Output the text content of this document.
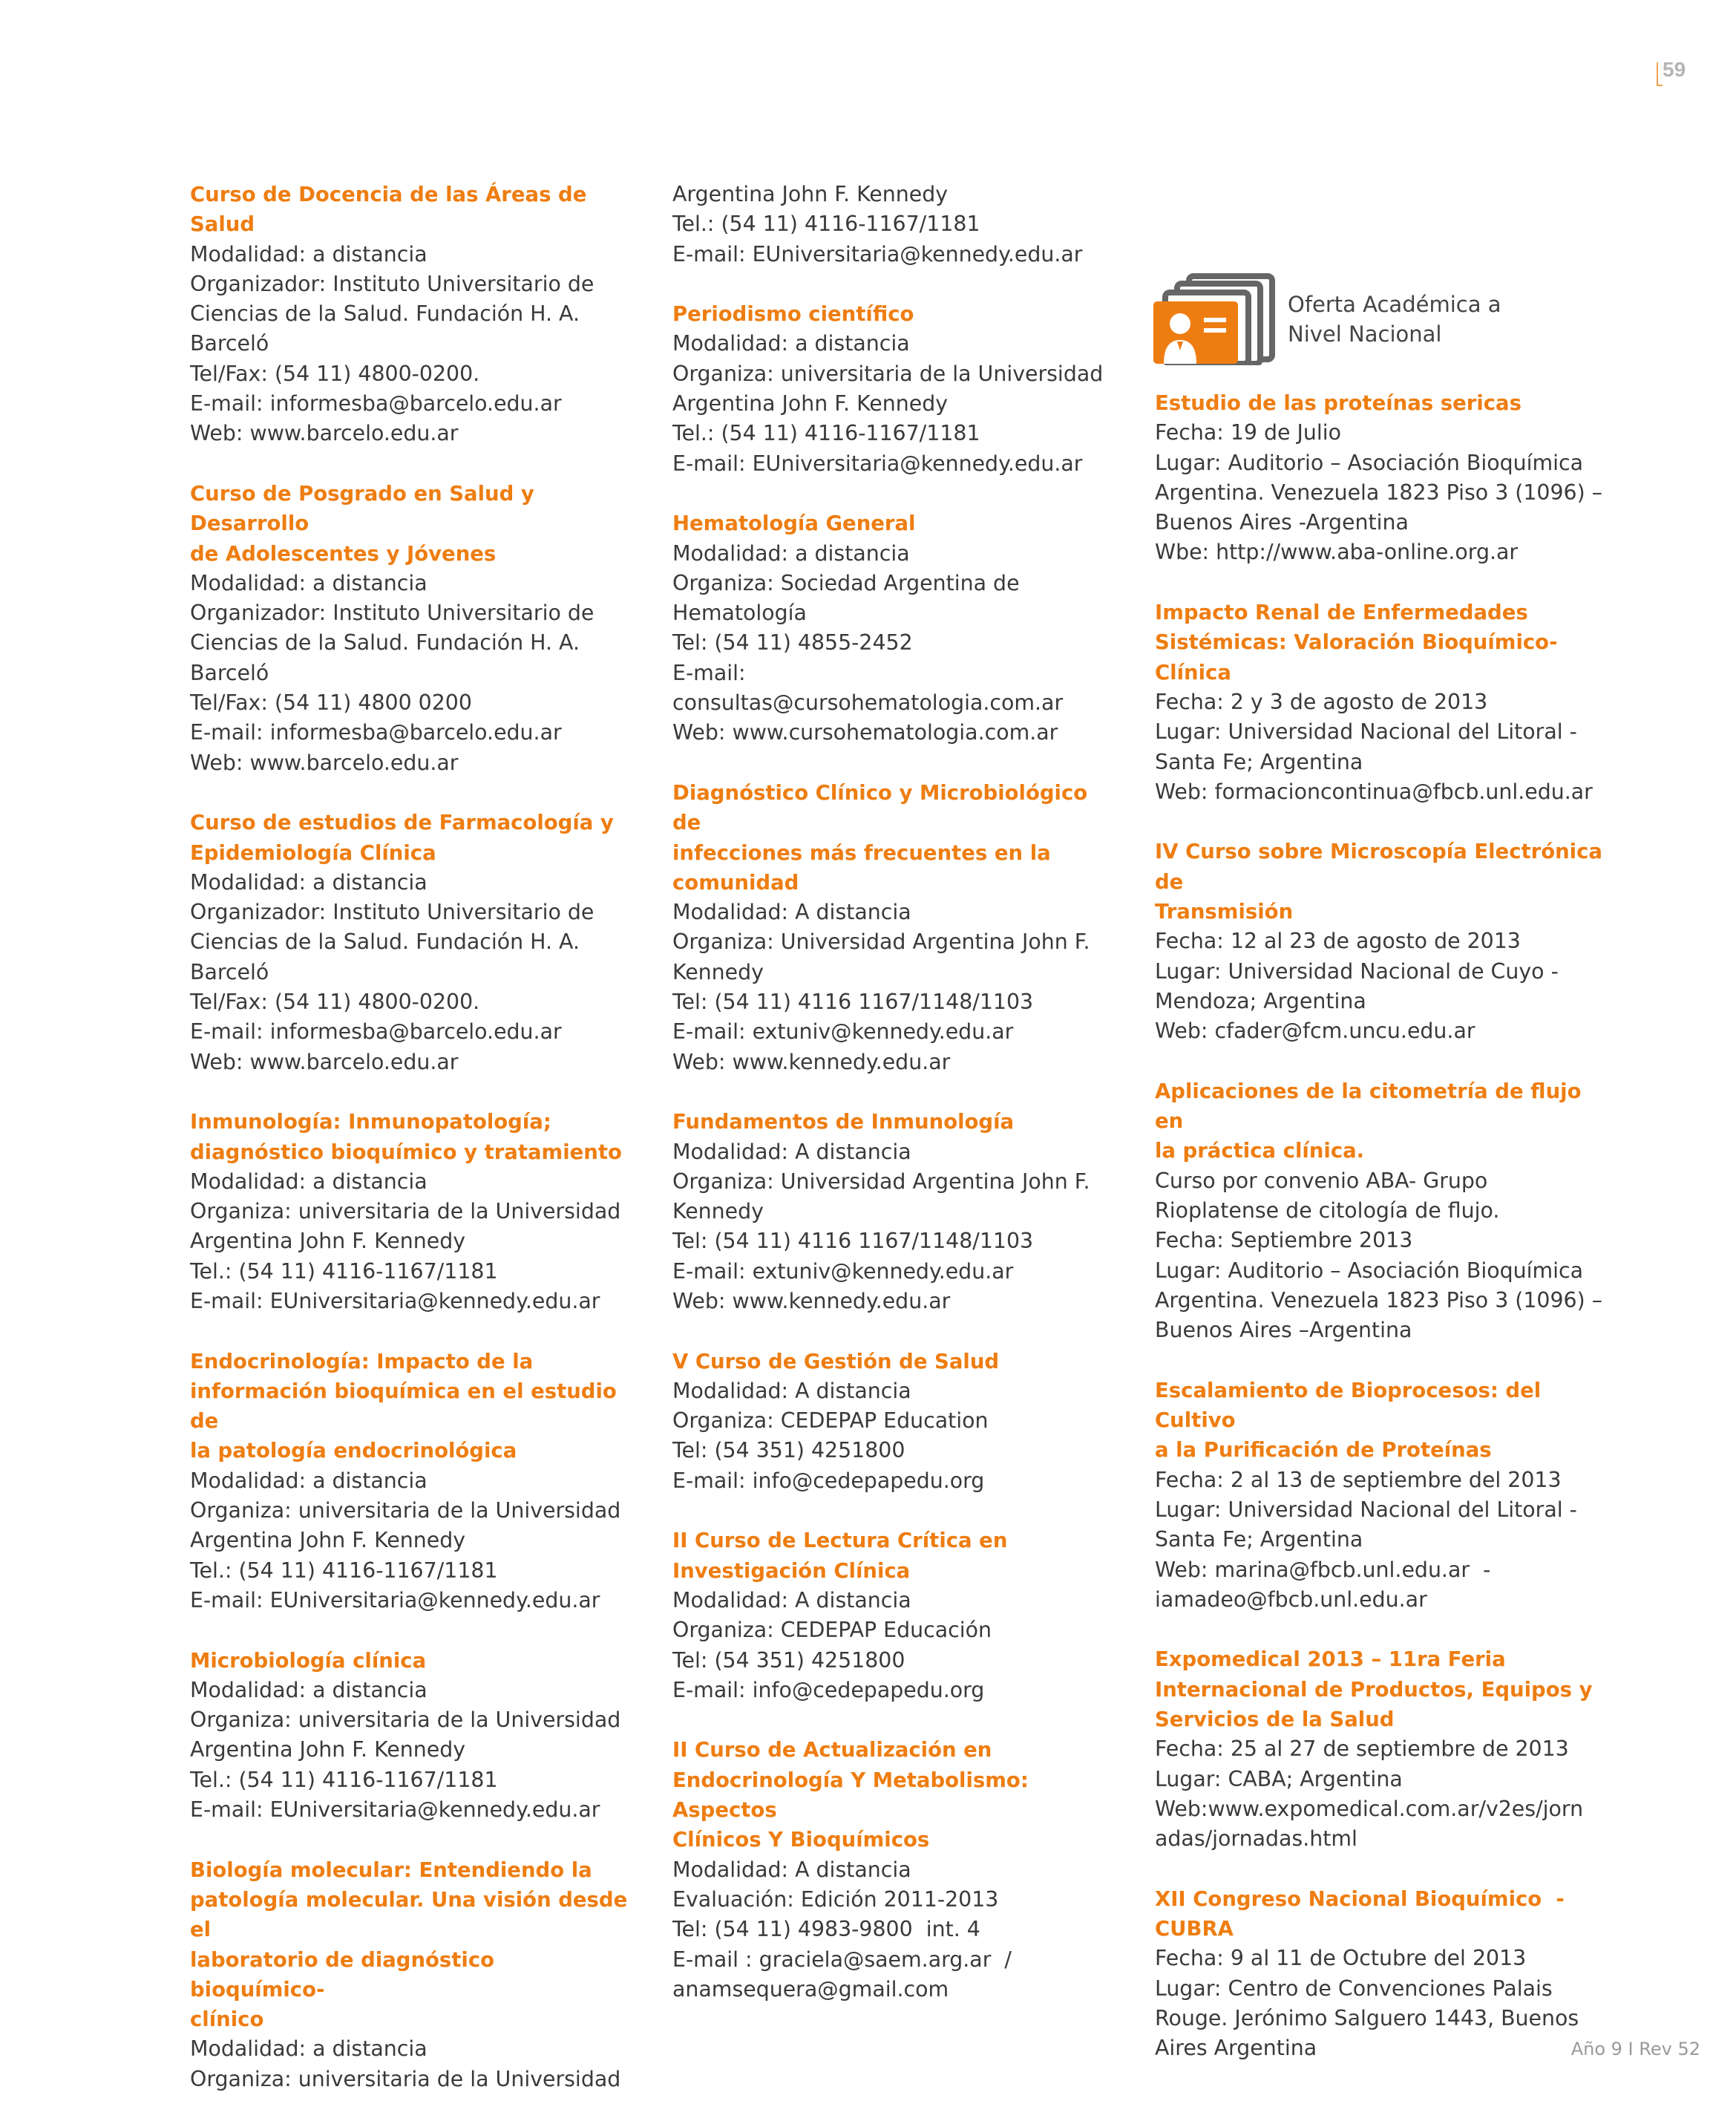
59
Oferta Académica a
Nivel Nacional
Curso de Docencia de las Áreas de Salud
Modalidad: a distancia
Organizador: Instituto Universitario de
Ciencias de la Salud. Fundación H. A.
Barceló
Tel/Fax: (54 11) 4800-0200.
E-mail: informesba@barcelo.edu.ar
Web: www.barcelo.edu.ar
Curso de Posgrado en Salud y Desarrollo
de Adolescentes y Jóvenes
Modalidad: a distancia
Organizador: Instituto Universitario de
Ciencias de la Salud. Fundación H. A.
Barceló
Tel/Fax: (54 11) 4800 0200
E-mail: informesba@barcelo.edu.ar
Web: www.barcelo.edu.ar
Curso de estudios de Farmacología y
Epidemiología Clínica
Modalidad: a distancia
Organizador: Instituto Universitario de
Ciencias de la Salud. Fundación H. A.
Barceló
Tel/Fax: (54 11) 4800-0200.
E-mail: informesba@barcelo.edu.ar
Web: www.barcelo.edu.ar
Inmunología: Inmunopatología;
diagnóstico bioquímico y tratamiento
Modalidad: a distancia
Organiza: universitaria de la Universidad
Argentina John F. Kennedy
Tel.: (54 11) 4116-1167/1181
E-mail: EUniversitaria@kennedy.edu.ar
Endocrinología: Impacto de la
información bioquímica en el estudio de
la patología endocrinológica
Modalidad: a distancia
Organiza: universitaria de la Universidad
Argentina John F. Kennedy
Tel.: (54 11) 4116-1167/1181
E-mail: EUniversitaria@kennedy.edu.ar
Microbiología clínica
Modalidad: a distancia
Organiza: universitaria de la Universidad
Argentina John F. Kennedy
Tel.: (54 11) 4116-1167/1181
E-mail: EUniversitaria@kennedy.edu.ar
Biología molecular: Entendiendo la
patología molecular. Una visión desde el
laboratorio de diagnóstico bioquímico-
clínico
Modalidad: a distancia
Organiza: universitaria de la Universidad
Argentina John F. Kennedy
Tel.: (54 11) 4116-1167/1181
E-mail: EUniversitaria@kennedy.edu.ar
Periodismo científico
Modalidad: a distancia
Organiza: universitaria de la Universidad
Argentina John F. Kennedy
Tel.: (54 11) 4116-1167/1181
E-mail: EUniversitaria@kennedy.edu.ar
Hematología General
Modalidad: a distancia
Organiza: Sociedad Argentina de
Hematología
Tel: (54 11) 4855-2452
E-mail:
consultas@cursohematologia.com.ar
Web: www.cursohematologia.com.ar
Diagnóstico Clínico y Microbiológico de
infecciones más frecuentes en la
comunidad
Modalidad: A distancia
Organiza: Universidad Argentina John F.
Kennedy
Tel: (54 11) 4116 1167/1148/1103
E-mail: extuniv@kennedy.edu.ar
Web: www.kennedy.edu.ar
Fundamentos de Inmunología
Modalidad: A distancia
Organiza: Universidad Argentina John F.
Kennedy
Tel: (54 11) 4116 1167/1148/1103
E-mail: extuniv@kennedy.edu.ar
Web: www.kennedy.edu.ar
V Curso de Gestión de Salud
Modalidad: A distancia
Organiza: CEDEPAP Education
Tel: (54 351) 4251800
E-mail: info@cedepapedu.org
II Curso de Lectura Crítica en
Investigación Clínica
Modalidad: A distancia
Organiza: CEDEPAP Educación
Tel: (54 351) 4251800
E-mail: info@cedepapedu.org
II Curso de Actualización en
Endocrinología Y Metabolismo: Aspectos
Clínicos Y Bioquímicos
Modalidad: A distancia
Evaluación: Edición 2011-2013
Tel: (54 11) 4983-9800  int. 4
E-mail : graciela@saem.arg.ar  /
anamsequera@gmail.com
Estudio de las proteínas sericas
Fecha: 19 de Julio
Lugar: Auditorio – Asociación Bioquímica
Argentina. Venezuela 1823 Piso 3 (1096) –
Buenos Aires -Argentina
Wbe: http://www.aba-online.org.ar
Impacto Renal de Enfermedades
Sistémicas: Valoración Bioquímico-Clínica
Fecha: 2 y 3 de agosto de 2013
Lugar: Universidad Nacional del Litoral -
Santa Fe; Argentina
Web: formacioncontinua@fbcb.unl.edu.ar
IV Curso sobre Microscopía Electrónica de
Transmisión
Fecha: 12 al 23 de agosto de 2013
Lugar: Universidad Nacional de Cuyo -
Mendoza; Argentina
Web: cfader@fcm.uncu.edu.ar
Aplicaciones de la citometría de flujo en
la práctica clínica.
Curso por convenio ABA- Grupo
Rioplatense de citología de flujo.
Fecha: Septiembre 2013
Lugar: Auditorio – Asociación Bioquímica
Argentina. Venezuela 1823 Piso 3 (1096) –
Buenos Aires –Argentina
Escalamiento de Bioprocesos: del Cultivo
a la Purificación de Proteínas
Fecha: 2 al 13 de septiembre del 2013
Lugar: Universidad Nacional del Litoral -
Santa Fe; Argentina
Web: marina@fbcb.unl.edu.ar  -
iamadeo@fbcb.unl.edu.ar
Expomedical 2013 – 11ra Feria
Internacional de Productos, Equipos y
Servicios de la Salud
Fecha: 25 al 27 de septiembre de 2013
Lugar: CABA; Argentina
Web:www.expomedical.com.ar/v2es/jorn
adas/jornadas.html
XII Congreso Nacional Bioquímico  -
CUBRA
Fecha: 9 al 11 de Octubre del 2013
Lugar: Centro de Convenciones Palais
Rouge. Jerónimo Salguero 1443, Buenos
Aires Argentina	Año 9 I Rev 52
